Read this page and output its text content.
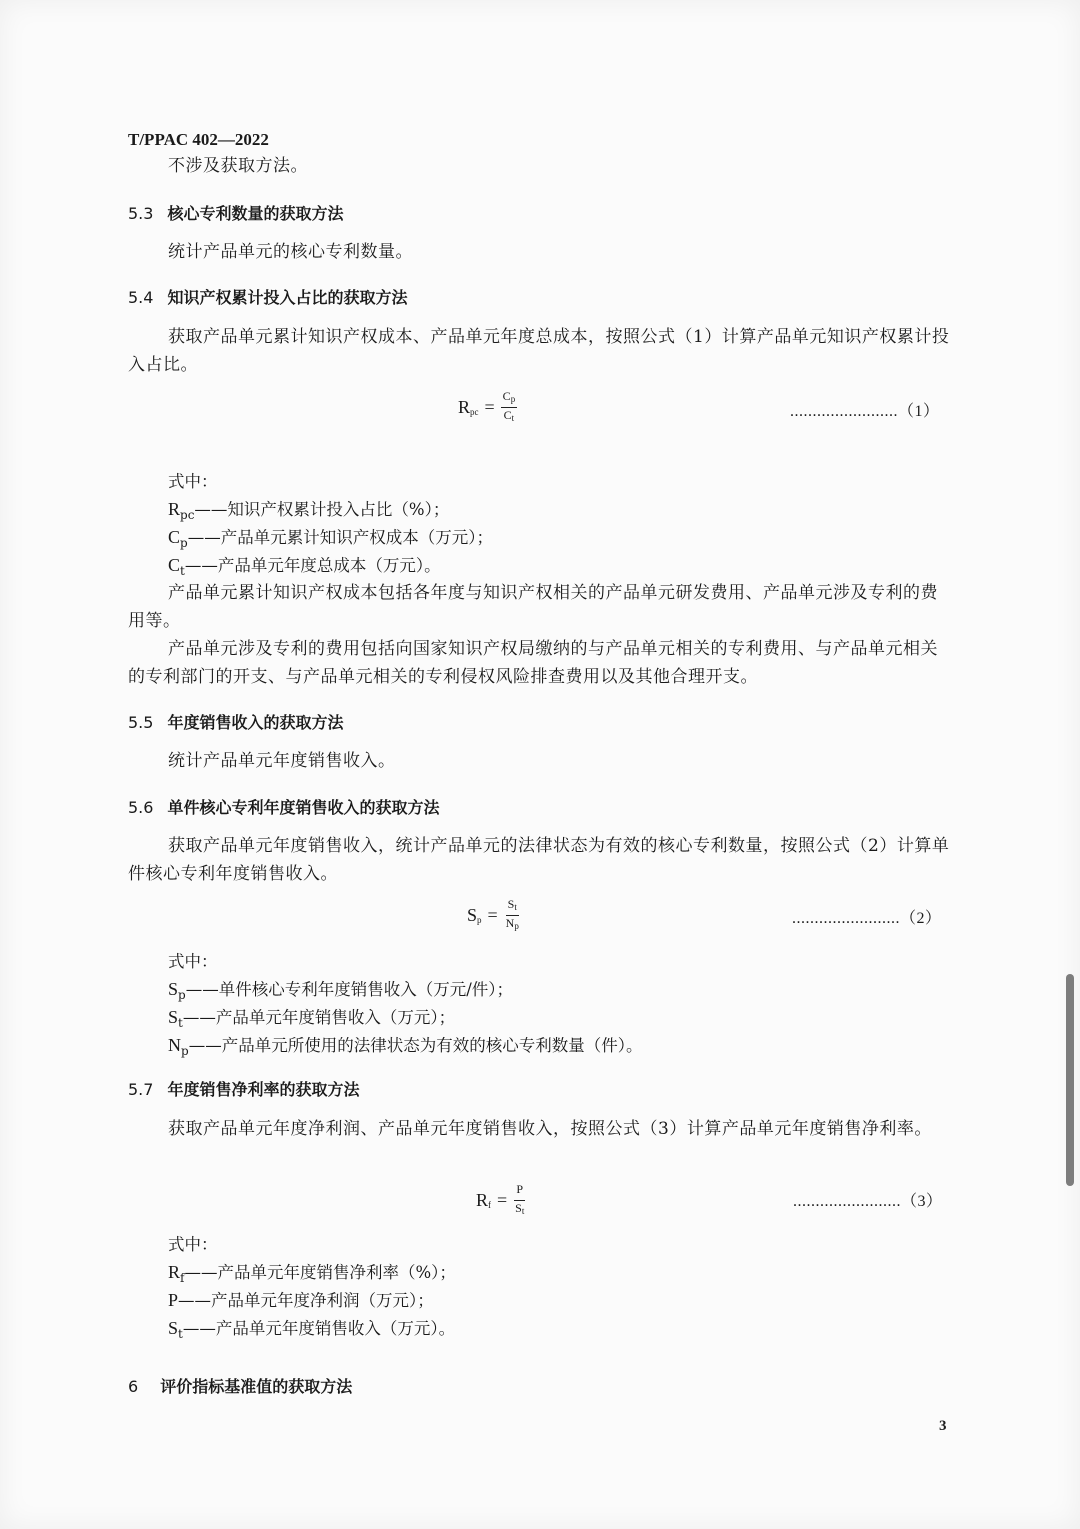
T/PPAC 402—2022
不涉及获取方法。
5.3 核心专利数量的获取方法
统计产品单元的核心专利数量。
5.4 知识产权累计投入占比的获取方法
获取产品单元累计知识产权成本、产品单元年度总成本，按照公式（1）计算产品单元知识产权累计投入占比。
Rpc = $\frac{Cp}{Ct}$	........................（1）
式中：
$R_{pc}——$知识产权累计投入占比（%）；
$C_p——$产品单元累计知识产权成本（万元）；
$C_t——$产品单元年度总成本（万元）。
产品单元累计知识产权成本包括各年度与知识产权相关的产品单元研发费用、产品单元涉及专利的费用等。
产品单元涉及专利的费用包括向国家知识产权局缴纳的与产品单元相关的专利费用、与产品单元相关的专利部门的开支、与产品单元相关的专利侵权风险排查费用以及其他合理开支。
5.5 年度销售收入的获取方法
统计产品单元年度销售收入。
5.6 单件核心专利年度销售收入的获取方法
获取产品单元年度销售收入，统计产品单元的法律状态为有效的核心专利数量，按照公式（2）计算单件核心专利年度销售收入。
$Sp = \frac{St}{Np}$	........................（2）
式中：
$S_p——$单件核心专利年度销售收入（万元/件）；
$S_t——$产品单元年度销售收入（万元）；
$N_p——$产品单元所使用的法律状态为有效的核心专利数量（件）。
5.7 年度销售净利率的获取方法
获取产品单元年度净利润、产品单元年度销售收入，按照公式（3）计算产品单元年度销售净利率。
$Rf = \frac{P}{St}$	........................（3）
式中：
$R_f——$产品单元年度销售净利率（%）；
P——产品单元年度净利润（万元）；
$S_t——$产品单元年度销售收入（万元）。
6 评价指标基准值的获取方法
3
